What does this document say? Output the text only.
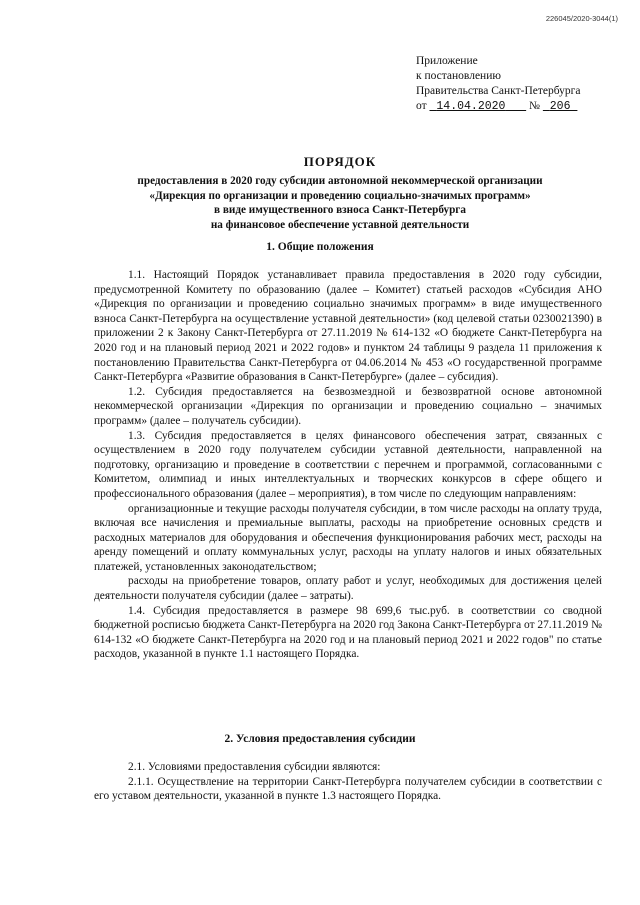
226045/2020-3044(1)
Приложение
к постановлению
Правительства Санкт-Петербурга
от 14.04.2020 № 206
ПОРЯДОК
предоставления в 2020 году субсидии автономной некоммерческой организации
«Дирекция по организации и проведению социально-значимых программ»
в виде имущественного взноса Санкт-Петербурга
на финансовое обеспечение уставной деятельности
1. Общие положения

1.1. Настоящий Порядок устанавливает правила предоставления в 2020 году субсидии, предусмотренной Комитету по образованию (далее – Комитет) статьей расходов «Субсидия АНО «Дирекция по организации и проведению социально значимых программ» в виде имущественного взноса Санкт-Петербурга на осуществление уставной деятельности» (код целевой статьи 0230021390) в приложении 2 к Закону Санкт-Петербурга от 27.11.2019 № 614-132 «О бюджете Санкт-Петербурга на 2020 год и на плановый период 2021 и 2022 годов» и пунктом 24 таблицы 9 раздела 11 приложения к постановлению Правительства Санкт-Петербурга от 04.06.2014 № 453 «О государственной программе Санкт-Петербурга «Развитие образования в Санкт-Петербурге» (далее – субсидия).

1.2. Субсидия предоставляется на безвозмездной и безвозвратной основе автономной некоммерческой организации «Дирекция по организации и проведению социально – значимых программ» (далее – получатель субсидии).

1.3. Субсидия предоставляется в целях финансового обеспечения затрат, связанных с осуществлением в 2020 году получателем субсидии уставной деятельности, направленной на подготовку, организацию и проведение в соответствии с перечнем и программой, согласованными с Комитетом, олимпиад и иных интеллектуальных и творческих конкурсов в сфере общего и профессионального образования (далее – мероприятия), в том числе по следующим направлениям:

организационные и текущие расходы получателя субсидии, в том числе расходы на оплату труда, включая все начисления и премиальные выплаты, расходы на приобретение основных средств и расходных материалов для оборудования и обеспечения функционирования рабочих мест, расходы на аренду помещений и оплату коммунальных услуг, расходы на уплату налогов и иных обязательных платежей, установленных законодательством;

расходы на приобретение товаров, оплату работ и услуг, необходимых для достижения целей деятельности получателя субсидии (далее – затраты).

1.4. Субсидия предоставляется в размере 98 699,6 тыс.руб. в соответствии со сводной бюджетной росписью бюджета Санкт-Петербурга на 2020 год Закона Санкт-Петербурга от 27.11.2019 № 614-132 «О бюджете Санкт-Петербурга на 2020 год и на плановый период 2021 и 2022 годов" по статье расходов, указанной в пункте 1.1 настоящего Порядка.

2. Условия предоставления субсидии

2.1. Условиями предоставления субсидии являются:

2.1.1. Осуществление на территории Санкт-Петербурга получателем субсидии в соответствии с его уставом деятельности, указанной в пункте 1.3 настоящего Порядка.
